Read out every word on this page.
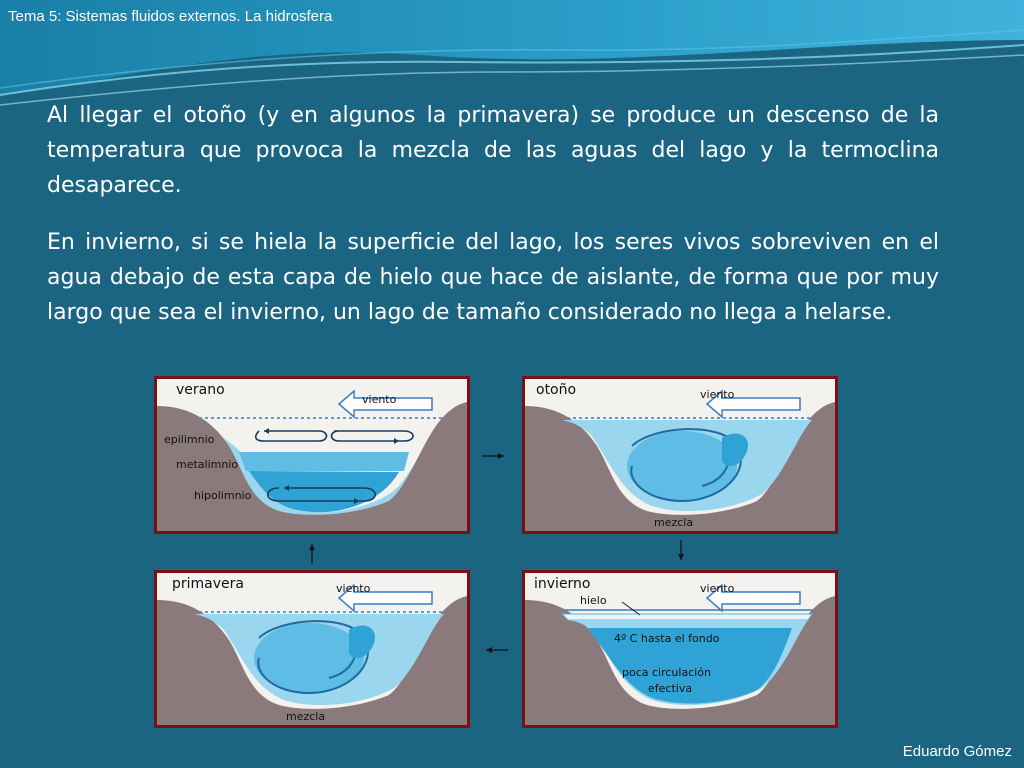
Tema 5: Sistemas fluidos externos. La hidrosfera

Al llegar el otoño (y en algunos la primavera) se produce un descenso de la temperatura que provoca la mezcla de las aguas del lago y la termoclina desaparece.

En invierno, si se hiela la superficie del lago, los seres vivos sobreviven en el agua debajo de esta capa de hielo que hace de aislante, de forma que por muy largo que sea el invierno, un lago de tamaño considerado no llega a helarse.

verano
viento
epilimnio
metalimnio
hipolimnio
otoño	viento
mezcla
primavera	viento
mezcla
invierno	viento
hielo
4º C hasta el fondo
poca circulación
efectiva
Eduardo Gómez
